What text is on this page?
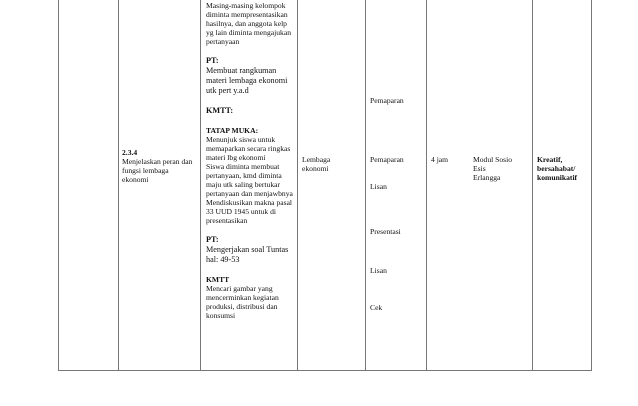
2.3.4
Menjelaskan peran dan
fungsi lembaga
ekonomi
Masing-masing kelompok
diminta mempresentasikan
hasilnya, dan anggota kelp
yg lain diminta mengajukan
pertanyaan
PT:
Membuat rangkuman
materi lembaga ekonomi
utk pert y.a.d
KMTT:
TATAP MUKA:
Menunjuk siswa untuk
memaparkan secara ringkas
materi lbg ekonomi
Siswa diminta membuat
pertanyaan, kmd diminta
maju utk saling bertukar
pertanyaan dan menjawbnya
Mendiskusikan makna pasal
33 UUD 1945 untuk di
presentasikan
PT:
Mengerjakan soal Tuntas
hal: 49-53
KMTT
Mencari gambar yang
mencerminkan kegiatan
produksi, distribusi dan
konsumsi
Lembaga
ekonomi
Pemaparan
Pemaparan
Lisan
Presentasi
Lisan
Cek
4 jam	Modul Sosio
Esis
Erlangga
Kreatif,
bersahabat/
komunikatif
